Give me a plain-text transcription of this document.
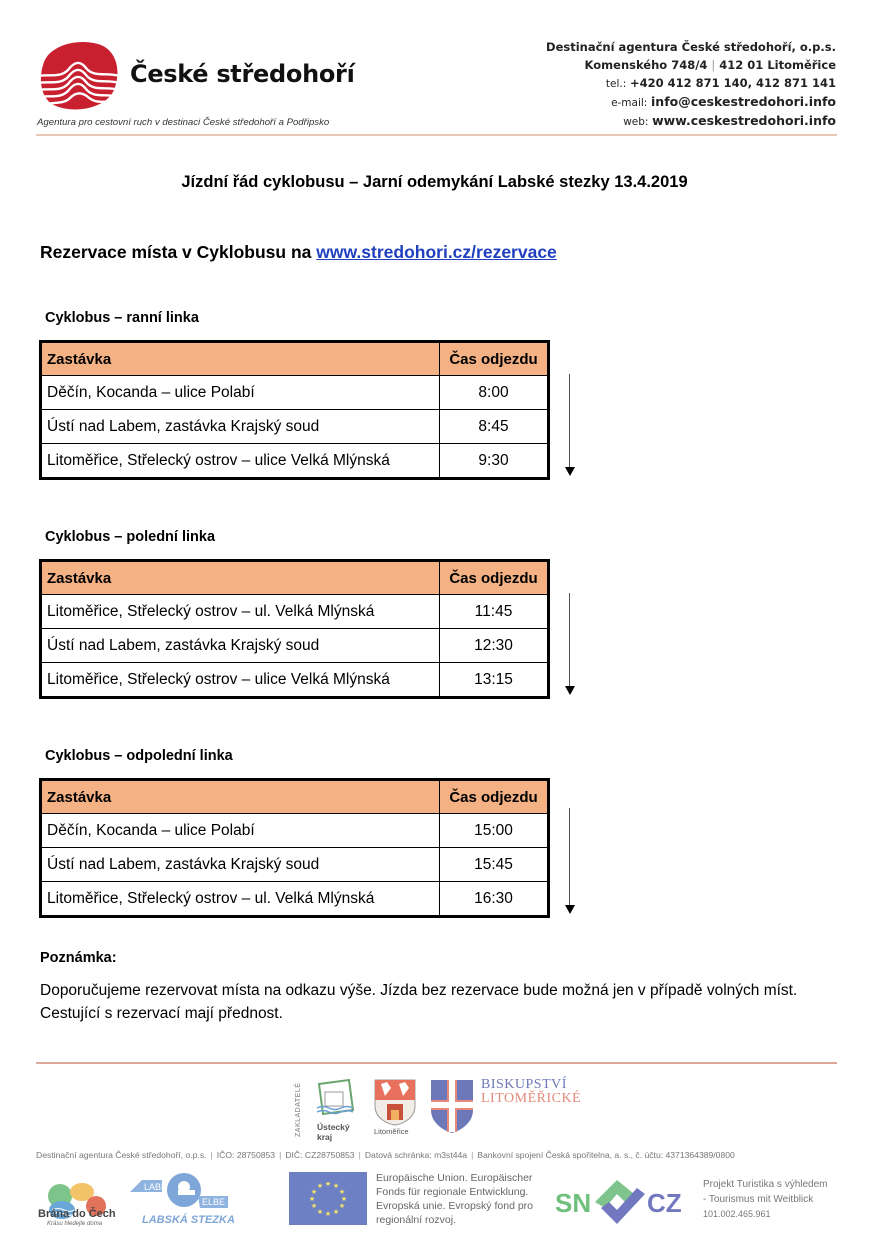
České středohoří
Agentura pro cestovní ruch v destinaci České středohoří a Podřipsko
Destinační agentura České středohoří, o.p.s.
Komenského 748/4 | 412 01 Litoměřice
tel.: +420 412 871 140, 412 871 141
e-mail: info@ceskestredohori.info
web: www.ceskestredohori.info
Jízdní řád cyklobusu – Jarní odemykání Labské stezky 13.4.2019
Rezervace místa v Cyklobusu na www.stredohori.cz/rezervace
Cyklobus – ranní linka
Zastávka	Čas odjezdu
Děčín, Kocanda – ulice Polabí	8:00
Ústí nad Labem, zastávka Krajský soud	8:45
Litoměřice, Střelecký ostrov – ulice Velká Mlýnská	9:30
Cyklobus – polední linka
Zastávka	Čas odjezdu
Litoměřice, Střelecký ostrov – ul. Velká Mlýnská	11:45
Ústí nad Labem, zastávka Krajský soud	12:30
Litoměřice, Střelecký ostrov – ulice Velká Mlýnská	13:15
Cyklobus – odpolední linka
Zastávka	Čas odjezdu
Děčín, Kocanda – ulice Polabí	15:00
Ústí nad Labem, zastávka Krajský soud	15:45
Litoměřice, Střelecký ostrov – ul. Velká Mlýnská	16:30
Poznámka:
Doporučujeme rezervovat místa na odkazu výše. Jízda bez rezervace bude možná jen v případě volných míst. Cestující s rezervací mají přednost.
ZAKLADATELÉ Ústecký kraj
Litoměřice
BISKUPSTVÍ
LITOMĚŘICKÉ
Destinační agentura České středohoří, o.p.s. | IČO: 28750853 | DIČ: CZ28750853 | Datová schránka: m3st44a | Bankovní spojení Česká spořitelna, a. s., č. účtu: 4371364389/0800
Brána do Čech
Krásu hledejte doma
LABE
ELBE
LABSKÁ STEZKA
★ ★
★
★
★
★
★
★
★
★
★
★
Europäische Union. Europäischer
Fonds für regionale Entwicklung.
Evropská unie. Evropský fond pro
regionální rozvoj.
SN CZ
Projekt Turistika s výhledem
- Tourismus mit Weitblick
101.002.465.961
